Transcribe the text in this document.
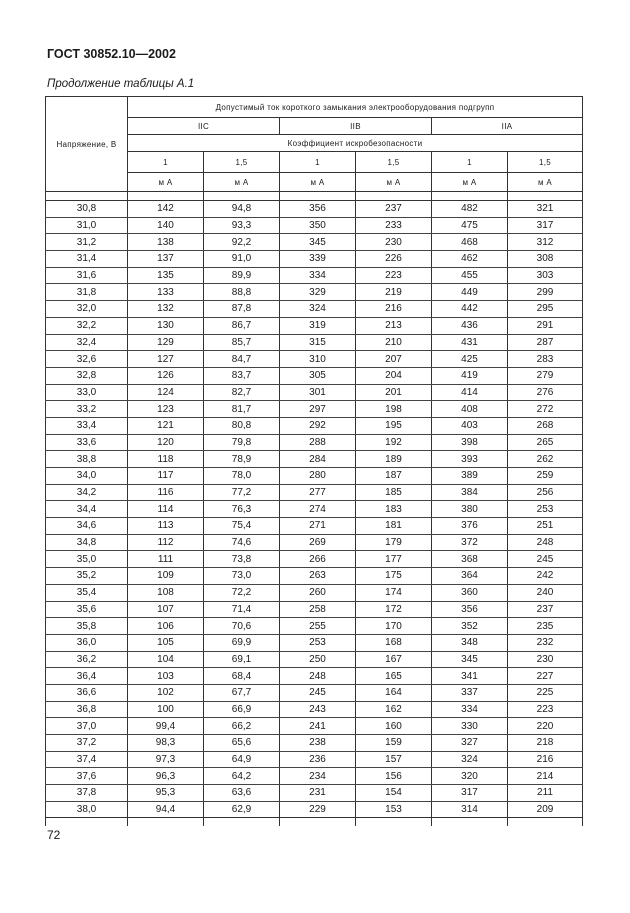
ГОСТ 30852.10—2002
Продолжение таблицы А.1
Напряжение, В	Допустимый ток короткого замыкания электрооборудования подгрупп					
	IIC		IIB		IIA	
	Коэффициент искробезопасности					
	1	1,5	1	1,5	1	1,5
	м А	м А	м А	м А	м А	м А

30,8	142	94,8	356	237	482	321
31,0	140	93,3	350	233	475	317
31,2	138	92,2	345	230	468	312
31,4	137	91,0	339	226	462	308
31,6	135	89,9	334	223	455	303
31,8	133	88,8	329	219	449	299
32,0	132	87,8	324	216	442	295
32,2	130	86,7	319	213	436	291
32,4	129	85,7	315	210	431	287
32,6	127	84,7	310	207	425	283
32,8	126	83,7	305	204	419	279
33,0	124	82,7	301	201	414	276
33,2	123	81,7	297	198	408	272
33,4	121	80,8	292	195	403	268
33,6	120	79,8	288	192	398	265
38,8	118	78,9	284	189	393	262
34,0	117	78,0	280	187	389	259
34,2	116	77,2	277	185	384	256
34,4	114	76,3	274	183	380	253
34,6	113	75,4	271	181	376	251
34,8	112	74,6	269	179	372	248
35,0	111	73,8	266	177	368	245
35,2	109	73,0	263	175	364	242
35,4	108	72,2	260	174	360	240
35,6	107	71,4	258	172	356	237
35,8	106	70,6	255	170	352	235
36,0	105	69,9	253	168	348	232
36,2	104	69,1	250	167	345	230
36,4	103	68,4	248	165	341	227
36,6	102	67,7	245	164	337	225
36,8	100	66,9	243	162	334	223
37,0	99,4	66,2	241	160	330	220
37,2	98,3	65,6	238	159	327	218
37,4	97,3	64,9	236	157	324	216
37,6	96,3	64,2	234	156	320	214
37,8	95,3	63,6	231	154	317	211
38,0	94,4	62,9	229	153	314	209

72
